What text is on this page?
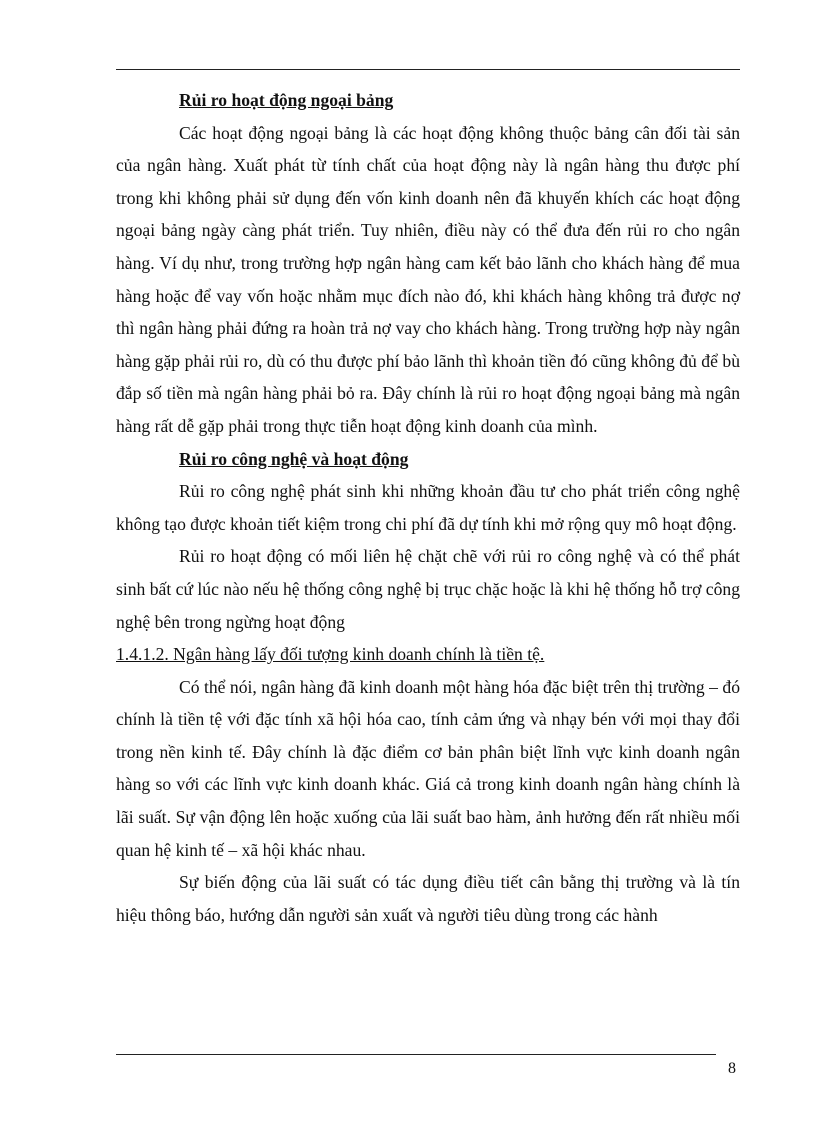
Rủi ro hoạt động ngoại bảng

Các hoạt động ngoại bảng là các hoạt động không thuộc bảng cân đối tài sản của ngân hàng. Xuất phát từ tính chất của hoạt động này là ngân hàng thu được phí trong khi không phải sử dụng đến vốn kinh doanh nên đã khuyến khích các hoạt động ngoại bảng ngày càng phát triển. Tuy nhiên, điều này có thể đưa đến rủi ro cho ngân hàng. Ví dụ như, trong trường hợp ngân hàng cam kết bảo lãnh cho khách hàng để mua hàng hoặc để vay vốn hoặc nhằm mục đích nào đó, khi khách hàng không trả được nợ thì ngân hàng phải đứng ra hoàn trả nợ vay cho khách hàng. Trong trường hợp này ngân hàng gặp phải rủi ro, dù có thu được phí bảo lãnh thì khoản tiền đó cũng không đủ để bù đắp số tiền mà ngân hàng phải bỏ ra. Đây chính là rủi ro hoạt động ngoại bảng mà ngân hàng rất dễ gặp phải trong thực tiễn hoạt động kinh doanh của mình.

Rủi ro công nghệ và hoạt động

Rủi ro công nghệ phát sinh khi những khoản đầu tư cho phát triển công nghệ không tạo được khoản tiết kiệm trong chi phí đã dự tính khi mở rộng quy mô hoạt động.

Rủi ro hoạt động có mối liên hệ chặt chẽ với rủi ro công nghệ và có thể phát sinh bất cứ lúc nào nếu hệ thống công nghệ bị trục chặc hoặc là khi hệ thống hỗ trợ công nghệ bên trong ngừng hoạt động

1.4.1.2. Ngân hàng lấy đối tượng kinh doanh chính là tiền tệ.

Có thể nói, ngân hàng đã kinh doanh một hàng hóa đặc biệt trên thị trường – đó chính là tiền tệ với đặc tính xã hội hóa cao, tính cảm ứng và nhạy bén với mọi thay đổi trong nền kinh tế. Đây chính là đặc điểm cơ bản phân biệt lĩnh vực kinh doanh ngân hàng so với các lĩnh vực kinh doanh khác. Giá cả trong kinh doanh ngân hàng chính là lãi suất. Sự vận động lên hoặc xuống của lãi suất bao hàm, ảnh hưởng đến rất nhiều mối quan hệ kinh tế – xã hội khác nhau.

Sự biến động của lãi suất có tác dụng điều tiết cân bằng thị trường và là tín hiệu thông báo, hướng dẫn người sản xuất và người tiêu dùng trong các hành

8
